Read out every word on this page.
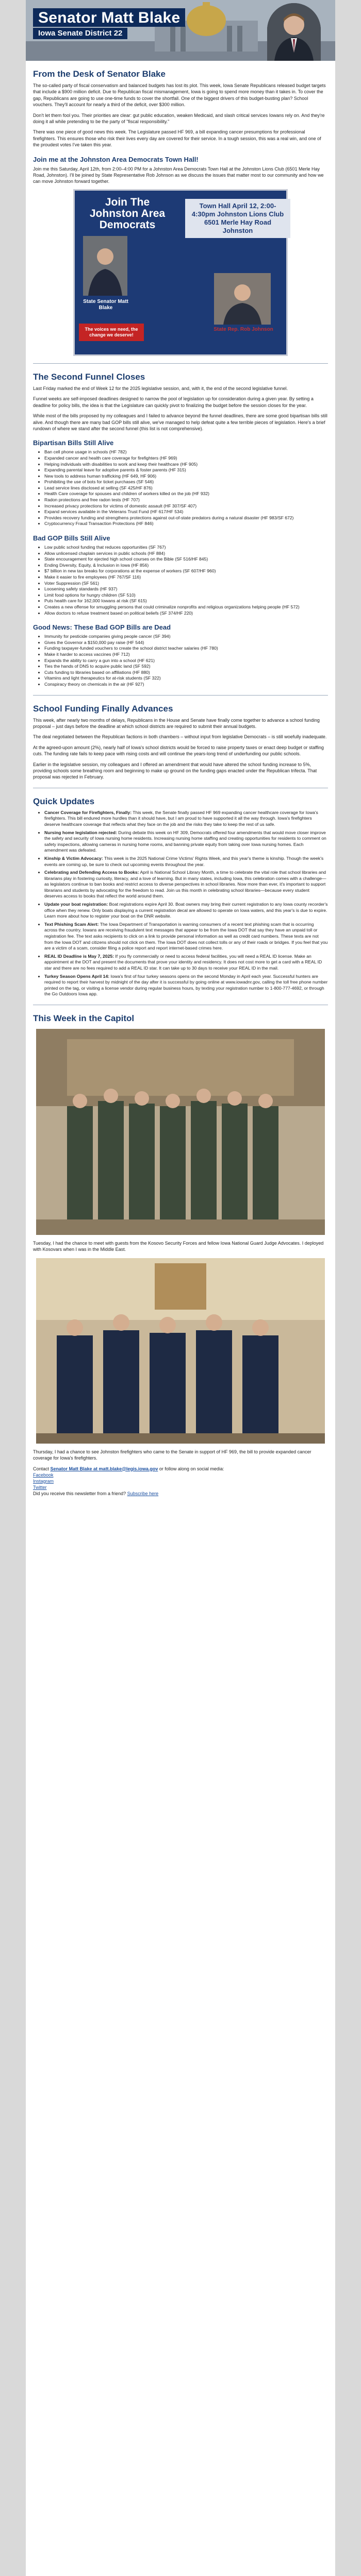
Senator Matt Blake
Iowa Senate District 22
From the Desk of Senator Blake

The so-called party of fiscal conservatism and balanced budgets has lost its plot. This week, Iowa Senate Republicans released budget targets that include a $900 million deficit. Due to Republican fiscal mismanagement, Iowa is going to spend more money than it takes in. To cover the gap, Republicans are going to use one-time funds to cover the shortfall. One of the biggest drivers of this budget-busting plan? School vouchers. They'll account for nearly a third of the deficit, over $300 million.

Don't let them fool you. Their priorities are clear: gut public education, weaken Medicaid, and slash critical services Iowans rely on. And they're doing it all while pretending to be the party of "fiscal responsibility."

There was one piece of good news this week. The Legislature passed HF 969, a bill expanding cancer presumptions for professional firefighters. This ensures those who risk their lives every day are covered for their service. In a tough session, this was a real win, and one of the proudest votes I've taken this year.

Join me at the Johnston Area Democrats Town Hall!

Join me this Saturday, April 12th, from 2:00–4:00 PM for a Johnston Area Democrats Town Hall at the Johnston Lions Club (6501 Merle Hay Road, Johnston). I'll be joined by State Representative Rob Johnson as we discuss the issues that matter most to our community and how we can move Johnston forward together.

Join The Johnston Area Democrats
State Senator Matt Blake
Town Hall April 12, 2:00-4:30pm Johnston Lions Club 6501 Merle Hay Road Johnston
State Rep. Rob Johnson
The voices we need, the change we deserve!
The Second Funnel Closes

Last Friday marked the end of Week 12 for the 2025 legislative session, and, with it, the end of the second legislative funnel.

Funnel weeks are self-imposed deadlines designed to narrow the pool of legislation up for consideration during a given year. By setting a deadline for policy bills, the idea is that the Legislature can quickly pivot to finalizing the budget before the session closes for the year.

While most of the bills proposed by my colleagues and I failed to advance beyond the funnel deadlines, there are some good bipartisan bills still alive. And though there are many bad GOP bills still alive, we've managed to help defeat quite a few terrible pieces of legislation. Here's a brief rundown of where we stand after the second funnel (this list is not comprehensive).

Bipartisan Bills Still Alive
• Ban cell phone usage in schools (HF 782)
• Expanded cancer and health care coverage for firefighters (HF 969)
• Helping individuals with disabilities to work and keep their healthcare (HF 905)
• Expanding parental leave for adoptive parents & foster parents (HF 315)
• New tools to address human trafficking (HF 649, HF 906)
• Prohibiting the use of bots for ticket purchases (SF 546)
• Lead service lines disclosed at selling (SF 425/HF 876)
• Health Care coverage for spouses and children of workers killed on the job (HF 932)
• Radon protections and free radon tests (HF 707)
• Increased privacy protections for victims of domestic assault (HF 307/SF 407)
• Expand services available in the Veterans Trust Fund (HF 617/HF 534)
• Provides recovery funding and strengthens protections against out-of-state predators during a natural disaster (HF 983/SF 672)
• Cryptocurrency Fraud Transaction Protections (HF 846)
Bad GOP Bills Still Alive
• Low public school funding that reduces opportunities (SF 767)
• Allow unlicensed chaplain services in public schools (HF 884)
• State encouragement for ejected high school courses on the Bible (SF 516/HF 845)
• Ending Diversity, Equity, & Inclusion in Iowa (HF 856)
• $7 billion in new tax breaks for corporations at the expense of workers (SF 607/HF 960)
• Make it easier to fire employees (HF 767/SF 116)
• Voter Suppression (SF 561)
• Loosening safety standards (HF 937)
• Limit food options for hungry children (SF 510)
• Puts health care for 162,000 Iowans at risk (SF 615)
• Creates a new offense for smuggling persons that could criminalize nonprofits and religious organizations helping people (HF 572)
• Allow doctors to refuse treatment based on political beliefs (SF 374/HF 220)
Good News: These Bad GOP Bills are Dead
• Immunity for pesticide companies giving people cancer (SF 394)
• Gives the Governor a $150,000 pay raise (HF 544)
• Funding taxpayer-funded vouchers to create the school district teacher salaries (HF 780)
• Make it harder to access vaccines (HF 712)
• Expands the ability to carry a gun into a school (HF 621)
• Ties the hands of DNS to acquire public land (SF 592)
• Cuts funding to libraries based on affiliations (HF 880)
• Vitamins and light therapeutics for at-risk students (SF 322)
• Conspiracy theory on chemicals in the air (HF 927)
School Funding Finally Advances

This week, after nearly two months of delays, Republicans in the House and Senate have finally come together to advance a school funding proposal – just days before the deadline at which school districts are required to submit their annual budgets.

The deal negotiated between the Republican factions in both chambers – without input from legislative Democrats – is still woefully inadequate.

At the agreed-upon amount (2%), nearly half of Iowa's school districts would be forced to raise property taxes or enact deep budget or staffing cuts. The funding rate fails to keep pace with rising costs and will continue the years-long trend of underfunding our public schools.

Earlier in the legislative session, my colleagues and I offered an amendment that would have altered the school funding increase to 5%, providing schools some breathing room and beginning to make up ground on the funding gaps enacted under the Republican trifecta. That proposal was rejected in February.

Quick Updates
• Cancer Coverage for Firefighters, Finally: This week, the Senate finally passed HF 969 expanding cancer healthcare coverage for Iowa's firefighters. This bill endured more hurdles than it should have, but I am proud to have supported it all the way through. Iowa's firefighters deserve healthcare coverage that reflects what they face on the job and the risks they take to keep the rest of us safe.
• Nursing home legislation rejected: During debate this week on HF 309, Democrats offered four amendments that would move closer improve the safety and security of Iowa nursing home residents. Increasing nursing home staffing and creating opportunities for residents to comment on safety inspections, allowing cameras in nursing home rooms, and banning private equity from taking over Iowa nursing homes. Each amendment was defeated.
• Kinship & Victim Advocacy: This week is the 2025 National Crime Victims' Rights Week, and this year's theme is kinship. Though the week's events are coming up, be sure to check out upcoming events throughout the year.
• Celebrating and Defending Access to Books: April is National School Library Month, a time to celebrate the vital role that school libraries and librarians play in fostering curiosity, literacy, and a love of learning. But in many states, including Iowa, this celebration comes with a challenge—as legislators continue to ban books and restrict access to diverse perspectives in school libraries. Now more than ever, it's important to support librarians and students by advocating for the freedom to read. Join us this month in celebrating school libraries—because every student deserves access to books that reflect the world around them.
• Update your boat registration: Boat registrations expire April 30. Boat owners may bring their current registration to any Iowa county recorder's office when they renew. Only boats displaying a current registration decal are allowed to operate on Iowa waters, and this year's is due to expire. Learn more about how to register your boat on the DNR website.
• Text Phishing Scam Alert: The Iowa Department of Transportation is warning consumers of a recent text phishing scam that is occurring across the country. Iowans are receiving fraudulent text messages that appear to be from the Iowa DOT that say they have an unpaid toll or registration fee. The text asks recipients to click on a link to provide personal information as well as credit card numbers. These texts are not from the Iowa DOT and citizens should not click on them. The Iowa DOT does not collect tolls or any of their roads or bridges. If you feel that you are a victim of a scam, consider filing a police report and report internet-based crimes here.
• REAL ID Deadline is May 7, 2025: If you fly commercially or need to access federal facilities, you will need a REAL ID license. Make an appointment at the DOT and present the documents that prove your identity and residency. It does not cost more to get a card with a REAL ID star and there are no fees required to add a REAL ID star. It can take up to 30 days to receive your REAL ID in the mail.
• Turkey Season Opens April 14: Iowa's first of four turkey seasons opens on the second Monday in April each year. Successful hunters are required to report their harvest by midnight of the day after it is successful by going online at www.iowadnr.gov, calling the toll free phone number printed on the tag, or visiting a license vendor during regular business hours, by texting your registration number to 1-800-777-4692, or through the Go Outdoors Iowa app.
This Week in the Capitol

Tuesday, I had the chance to meet with guests from the Kosovo Security Forces and fellow Iowa National Guard Judge Advocates. I deployed with Kosovars when I was in the Middle East.

Thursday, I had a chance to see Johnston firefighters who came to the Senate in support of HF 969, the bill to provide expanded cancer coverage for Iowa's firefighters.

Contact Senator Matt Blake at matt.blake@legis.iowa.gov or follow along on social media:

Facebook

Instagram

Twitter

Did you receive this newsletter from a friend? Subscribe here
